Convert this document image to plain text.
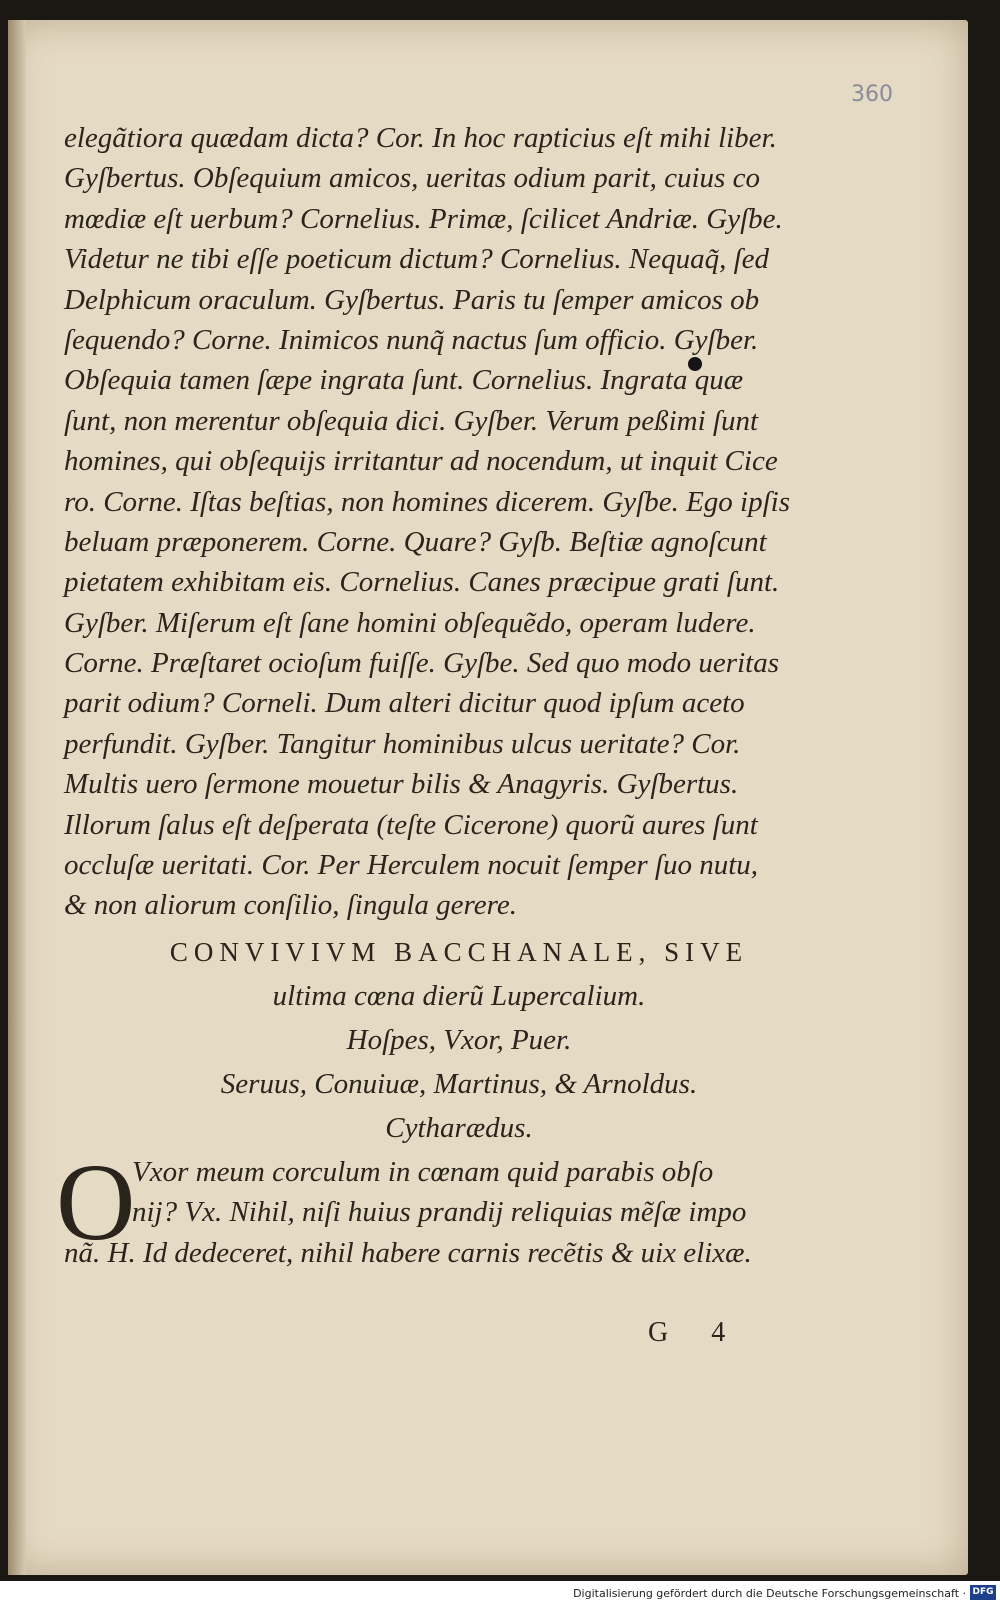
360
elegãtiora quædam dicta? Cor. In hoc rapticius eſt mihi liber.
Gyſbertus. Obſequium amicos, ueritas odium parit, cuius co
mœdiæ eſt uerbum? Cornelius. Primæ, ſcilicet Andriæ. Gyſbe.
Videtur ne tibi eſſe poeticum dictum? Cornelius. Nequaq̃, ſed
Delphicum oraculum. Gyſbertus. Paris tu ſemper amicos ob
ſequendo? Corne. Inimicos nunq̃ nactus ſum officio. Gyſber.
Obſequia tamen ſæpe ingrata ſunt. Cornelius. Ingrata quæ
ſunt, non merentur obſequia dici. Gyſber. Verum peßimi ſunt
homines, qui obſequijs irritantur ad nocendum, ut inquit Cice
ro. Corne. Iſtas beſtias, non homines dicerem. Gyſbe. Ego ipſis
beluam præponerem. Corne. Quare? Gyſb. Beſtiæ agnoſcunt
pietatem exhibitam eis. Cornelius. Canes præcipue grati ſunt.
Gyſber. Miſerum eſt ſane homini obſequẽdo, operam ludere.
Corne. Præſtaret ocioſum fuiſſe. Gyſbe. Sed quo modo ueritas
parit odium? Corneli. Dum alteri dicitur quod ipſum aceto
perfundit. Gyſber. Tangitur hominibus ulcus ueritate? Cor.
Multis uero ſermone mouetur bilis & Anagyris. Gyſbertus.
Illorum ſalus eſt deſperata (teſte Cicerone) quorũ aures ſunt
occluſæ ueritati. Cor. Per Herculem nocuit ſemper ſuo nutu,
& non aliorum conſilio, ſingula gerere.
CONVIVIVM BACCHANALE, SIVE
ultima cœna dierũ Lupercalium.
Hoſpes, Vxor, Puer.
Seruus, Conuiuæ, Martinus, & Arnoldus.
Cytharædus.
O
Vxor meum corculum in cœnam quid parabis obſo
nij? Vx. Nihil, niſi huius prandij reliquias mẽſæ impo
nã. H. Id dedeceret, nihil habere carnis recẽtis & uix elixæ.
G 4
Digitalisierung gefördert durch die Deutsche Forschungsgemeinschaft · DFG
